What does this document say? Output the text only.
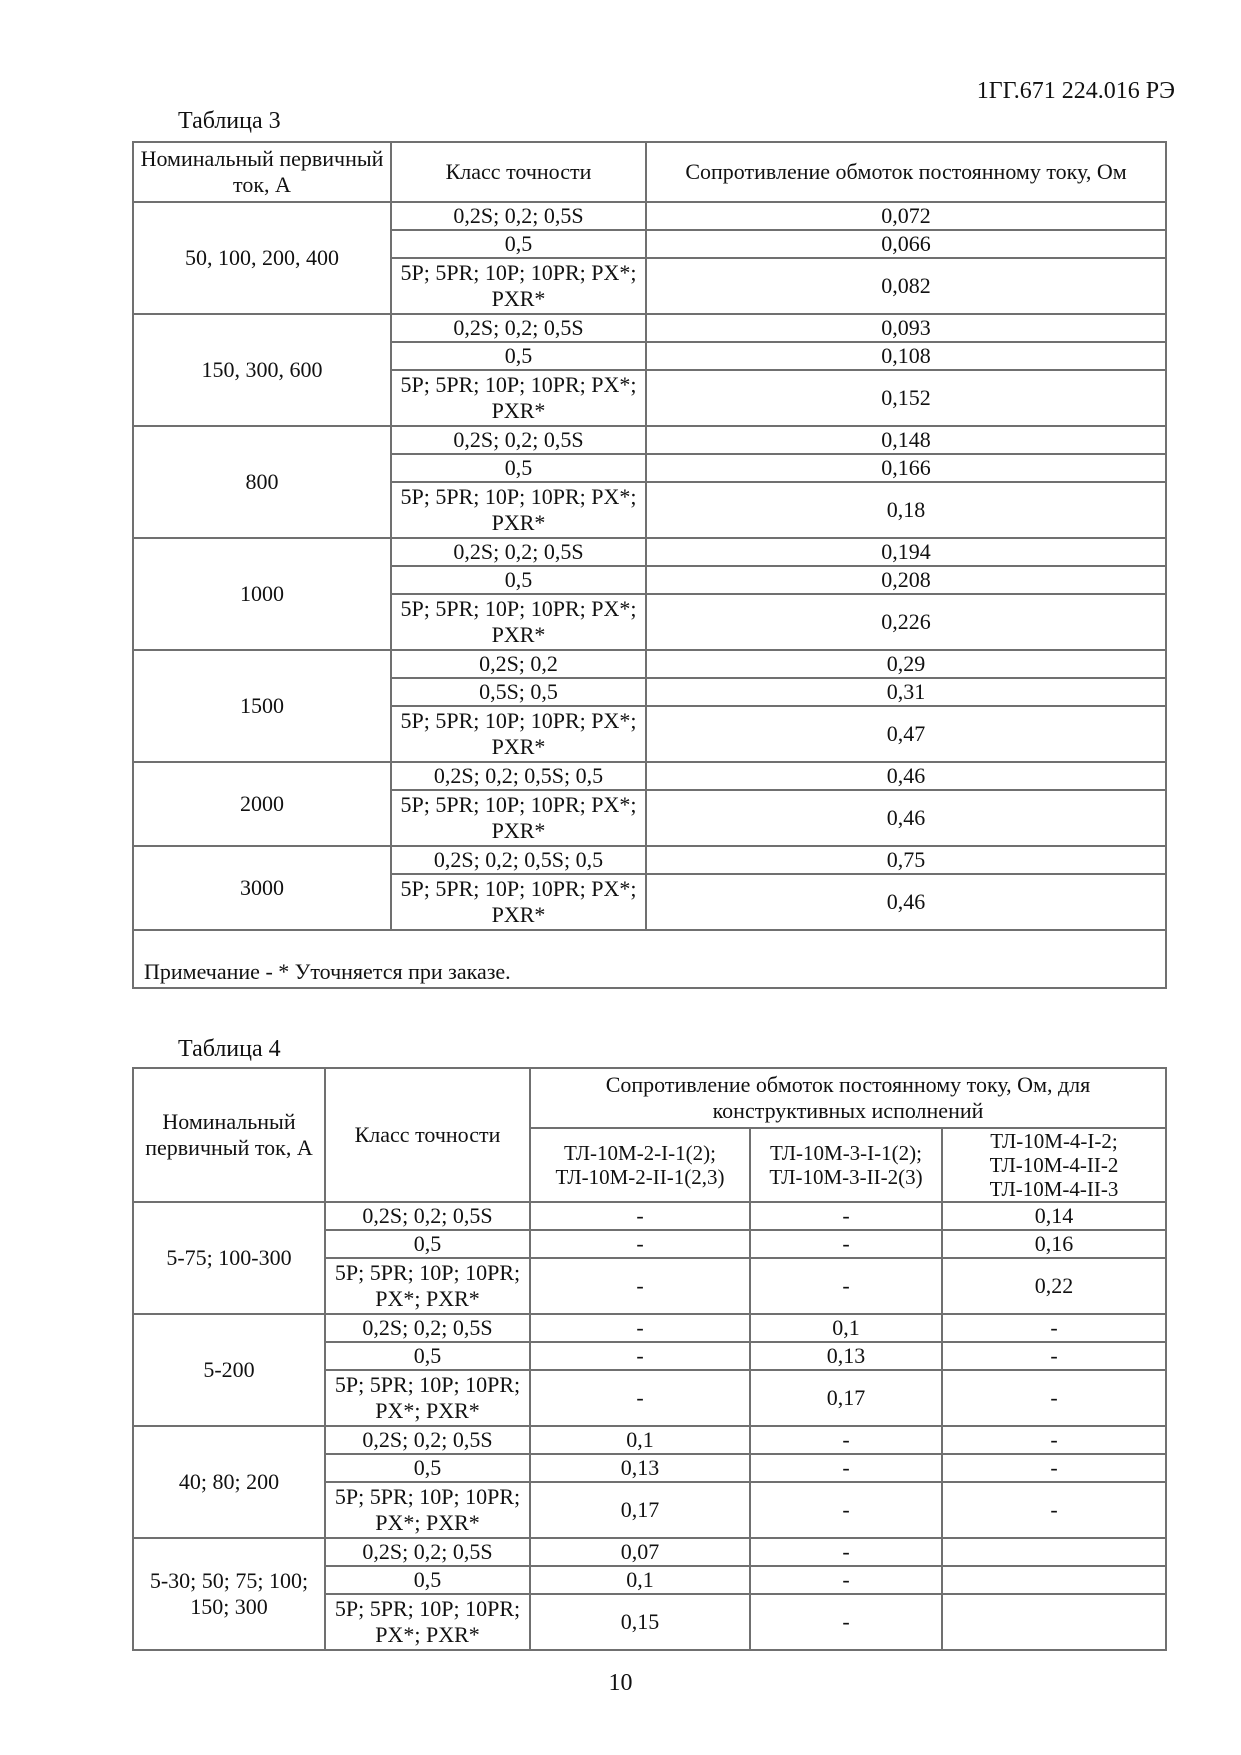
1ГГ.671 224.016 РЭ
Таблица 3
Номинальный первичный ток, А	Класс точности	Сопротивление обмоток постоянному току, Ом
50, 100, 200, 400	0,2S; 0,2; 0,5S	0,072
	0,5	0,066
	5P; 5PR; 10P; 10PR; PX*; PXR*	0,082
150, 300, 600	0,2S; 0,2; 0,5S	0,093
	0,5	0,108
	5P; 5PR; 10P; 10PR; PX*; PXR*	0,152
800	0,2S; 0,2; 0,5S	0,148
	0,5	0,166
	5P; 5PR; 10P; 10PR; PX*; PXR*	0,18
1000	0,2S; 0,2; 0,5S	0,194
	0,5	0,208
	5P; 5PR; 10P; 10PR; PX*; PXR*	0,226
1500	0,2S; 0,2	0,29
	0,5S; 0,5	0,31
	5P; 5PR; 10P; 10PR; PX*; PXR*	0,47
2000	0,2S; 0,2; 0,5S; 0,5	0,46
	5P; 5PR; 10P; 10PR; PX*; PXR*	0,46
3000	0,2S; 0,2; 0,5S; 0,5	0,75
	5P; 5PR; 10P; 10PR; PX*; PXR*	0,46
Примечание - * Уточняется при заказе.		
Таблица 4
Номинальный первичный ток, А	Класс точности	Сопротивление обмоток постоянному току, Ом, для конструктивных исполнений		
		ТЛ-10М-2-I-1(2); ТЛ-10М-2-II-1(2,3)	ТЛ-10М-3-I-1(2); ТЛ-10М-3-II-2(3)	ТЛ-10М-4-I-2; ТЛ-10М-4-II-2 ТЛ-10М-4-II-3
5-75; 100-300	0,2S; 0,2; 0,5S	-	-	0,14
	0,5	-	-	0,16
	5P; 5PR; 10P; 10PR; PX*; PXR*	-	-	0,22
5-200	0,2S; 0,2; 0,5S	-	0,1	-
	0,5	-	0,13	-
	5P; 5PR; 10P; 10PR; PX*; PXR*	-	0,17	-
40; 80; 200	0,2S; 0,2; 0,5S	0,1	-	-
	0,5	0,13	-	-
	5P; 5PR; 10P; 10PR; PX*; PXR*	0,17	-	-
5-30; 50; 75; 100; 150; 300	0,2S; 0,2; 0,5S	0,07	-	
	0,5	0,1	-	
	5P; 5PR; 10P; 10PR; PX*; PXR*	0,15	-	
10
